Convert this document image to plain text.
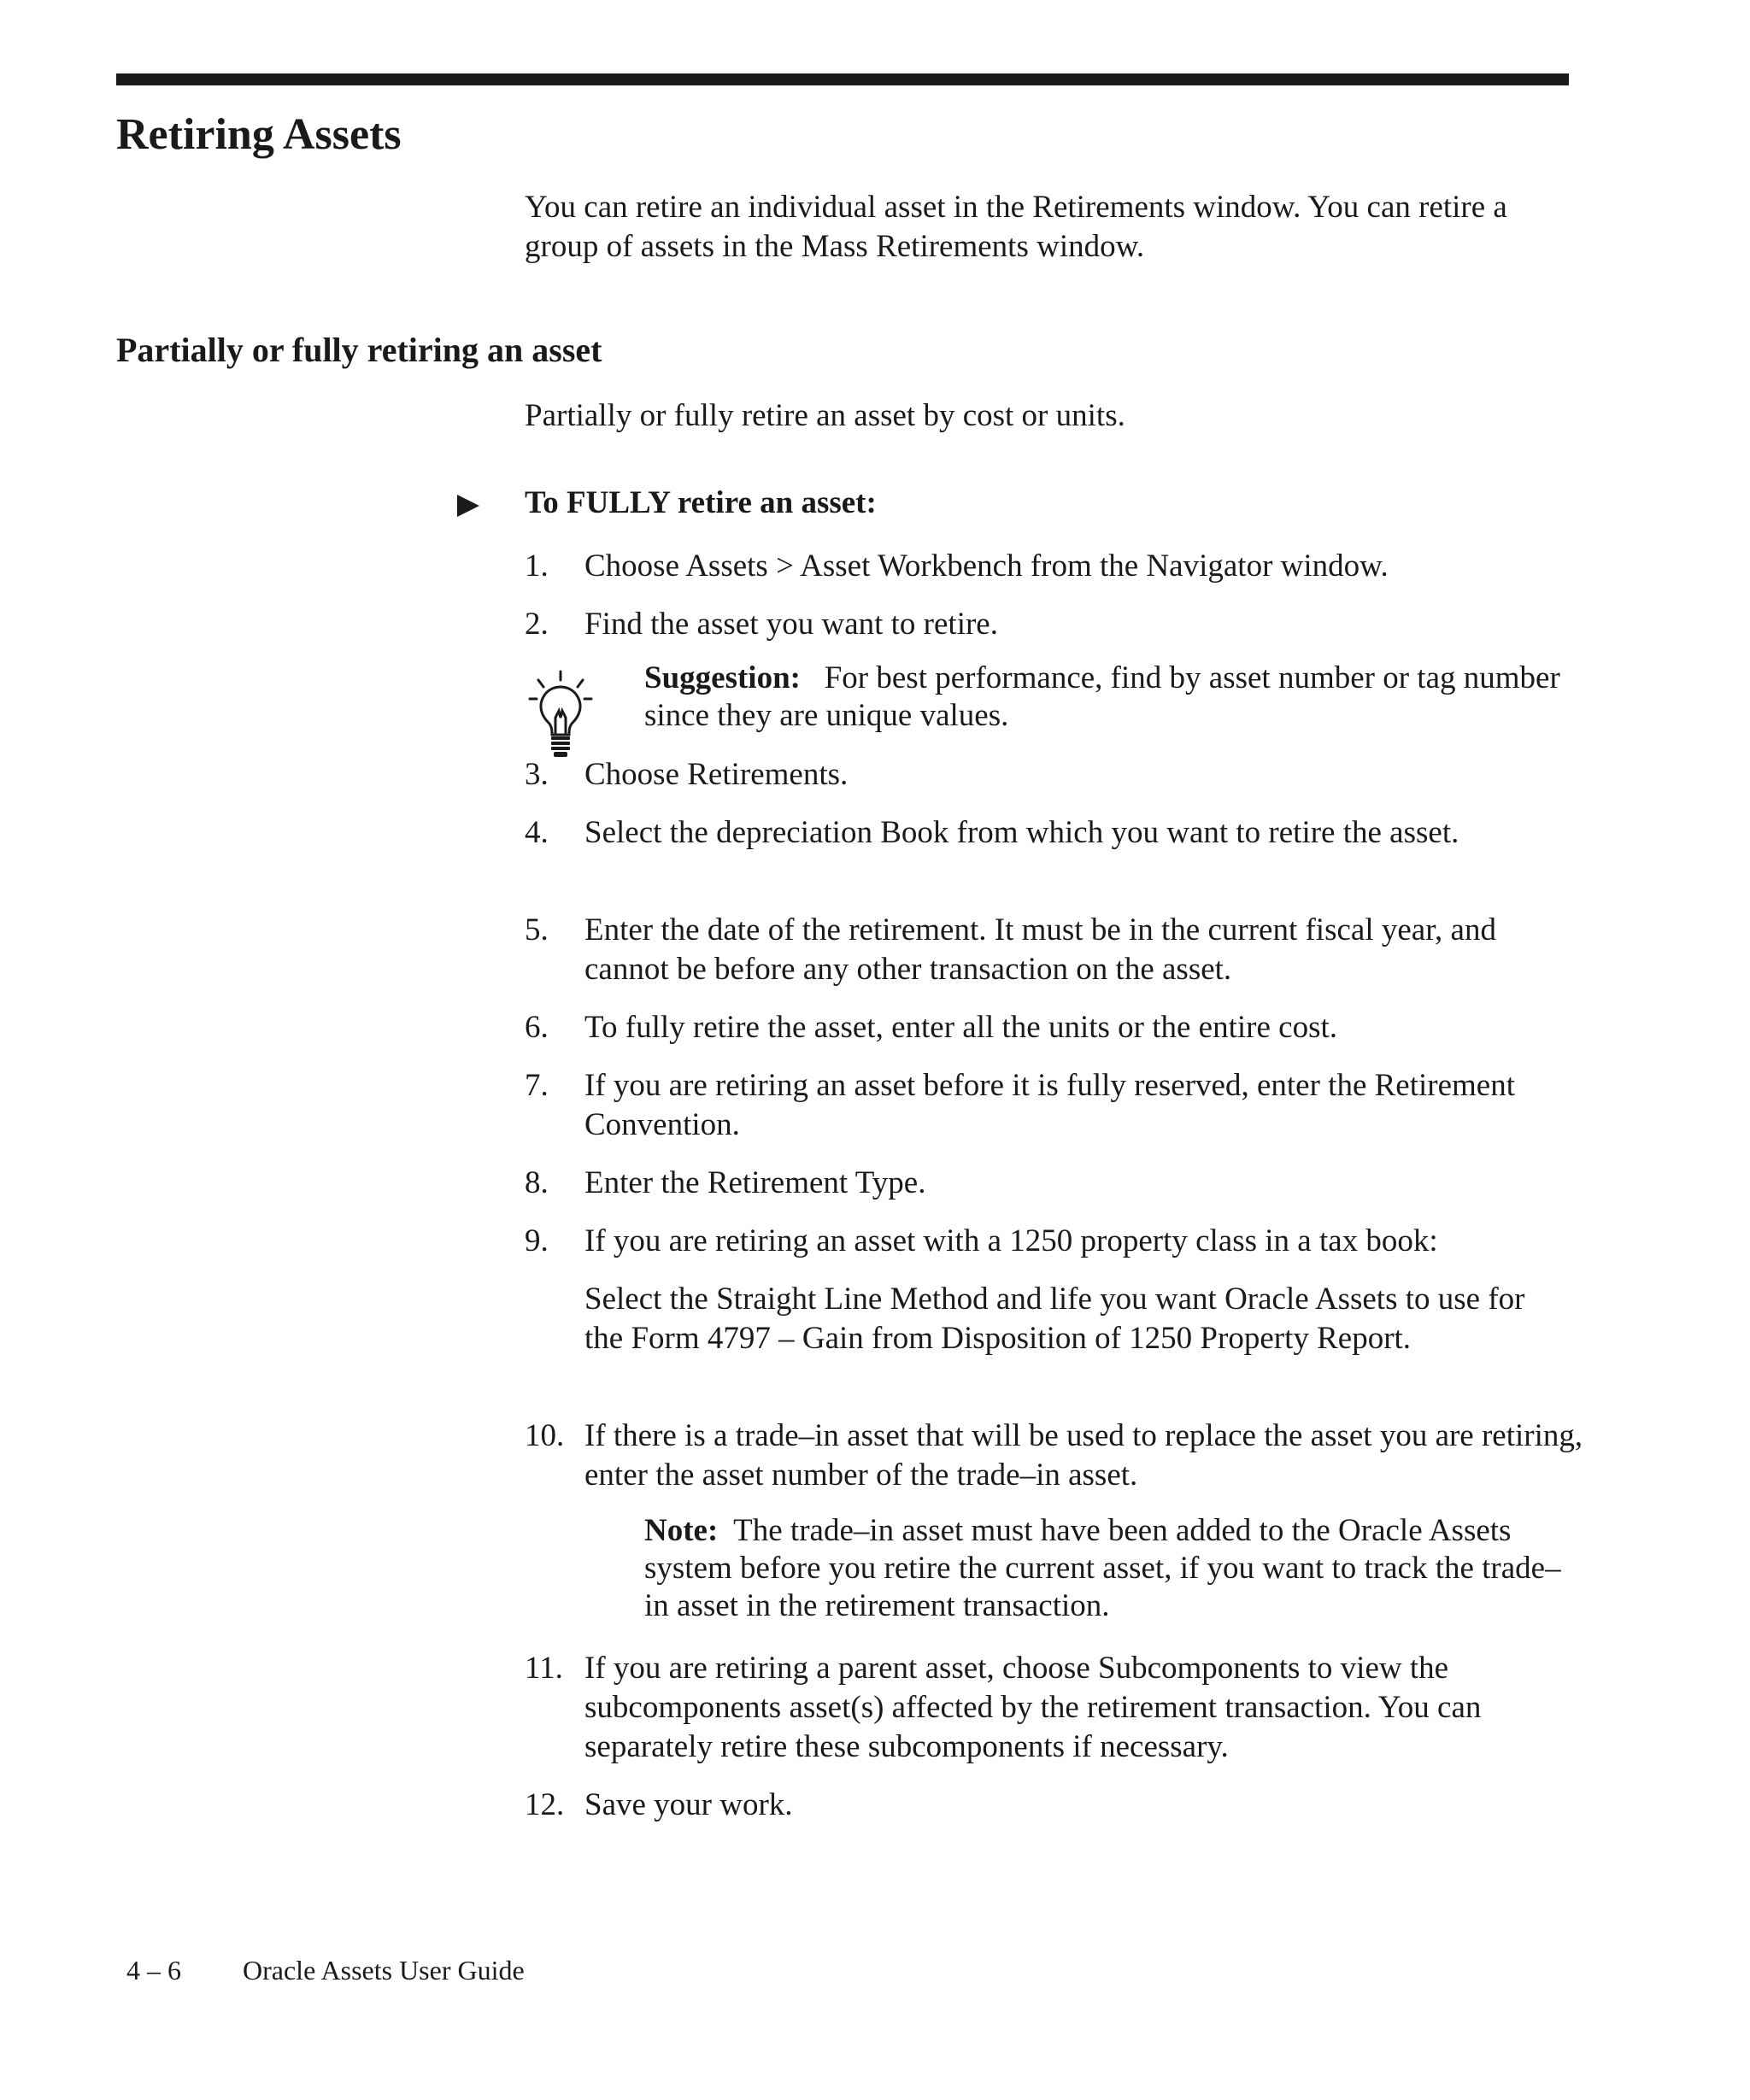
Retiring Assets

You can retire an individual asset in the Retirements window. You can retire a group of assets in the Mass Retirements window.

Partially or fully retiring an asset

Partially or fully retire an asset by cost or units.

To FULLY retire an asset:
1. Choose Assets > Asset Workbench from the Navigator window.
2. Find the asset you want to retire.

Suggestion: For best performance, find by asset number or tag number since they are unique values.

3. Choose Retirements.
4. Select the depreciation Book from which you want to retire the asset.
5. Enter the date of the retirement. It must be in the current fiscal year, and cannot be before any other transaction on the asset.
6. To fully retire the asset, enter all the units or the entire cost.
7. If you are retiring an asset before it is fully reserved, enter the Retirement Convention.
8. Enter the Retirement Type.
9. If you are retiring an asset with a 1250 property class in a tax book:

Select the Straight Line Method and life you want Oracle Assets to use for the Form 4797 – Gain from Disposition of 1250 Property Report.

10. If there is a trade–in asset that will be used to replace the asset you are retiring, enter the asset number of the trade–in asset.

Note: The trade–in asset must have been added to the Oracle Assets system before you retire the current asset, if you want to track the trade–in asset in the retirement transaction.

11. If you are retiring a parent asset, choose Subcomponents to view the subcomponents asset(s) affected by the retirement transaction. You can separately retire these subcomponents if necessary.
12. Save your work.
4 – 6 Oracle Assets User Guide
